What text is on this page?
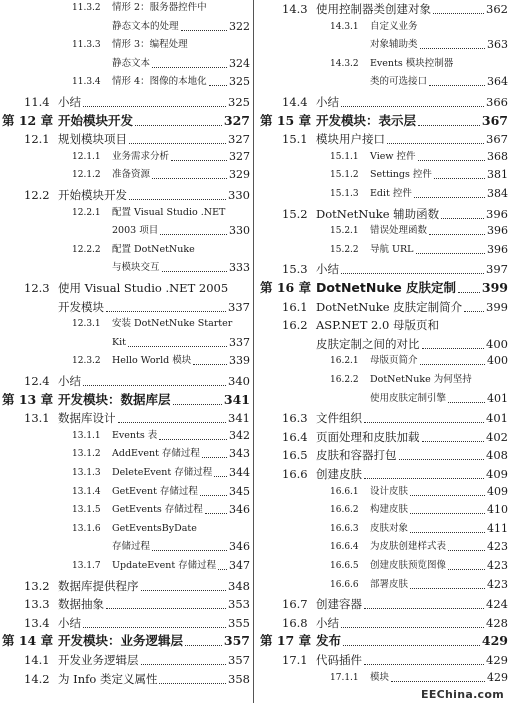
11.3.2 情形 2：服务器控件中
静态文本的处理	322
11.3.3 情形 3：编程处理
静态文本	324
11.3.4 情形 4：图像的本地化 325
11.4 小结	325
第 12 章 开始模块开发	327
12.1 规划模块项目	327
12.1.1 业务需求分析	327
12.1.2 准备资源	329
12.2 开始模块开发	330
12.2.1 配置 Visual Studio .NET
2003 项目	330
12.2.2 配置 DotNetNuke
与模块交互	333
12.3 使用 Visual Studio .NET 2005
开发模块	337
12.3.1 安装 DotNetNuke Starter
Kit	337
12.3.2 Hello World 模块	339
12.4 小结	340
第 13 章 开发模块：数据库层	341
13.1 数据库设计	341
13.1.1 Events 表	342
13.1.2 AddEvent 存储过程	343
13.1.3 DeleteEvent 存储过程 344
13.1.4 GetEvent 存储过程	345
13.1.5 GetEvents 存储过程 346
13.1.6 GetEventsByDate
存储过程	346
13.1.7 UpdateEvent 存储过程 347
13.2 数据库提供程序	348
13.3 数据抽象	353
13.4 小结	355
第 14 章 开发模块：业务逻辑层	357
14.1 开发业务逻辑层	357
14.2 为 Info 类定义属性	358
14.3 使用控制器类创建对象	362
14.3.1 自定义业务
对象辅助类	363
14.3.2 Events 模块控制器
类的可选接口	364
14.4 小结	366
第 15 章 开发模块：表示层	367
15.1 模块用户接口	367
15.1.1 View 控件	368
15.1.2 Settings 控件	381
15.1.3 Edit 控件	384
15.2 DotNetNuke 辅助函数	396
15.2.1 错误处理函数	396
15.2.2 导航 URL	396
15.3 小结	397
第 16 章 DotNetNuke 皮肤定制 399
16.1 DotNetNuke 皮肤定制简介 399
16.2 ASP.NET 2.0 母版页和
皮肤定制之间的对比	400
16.2.1 母版页简介	400
16.2.2 DotNetNuke 为何坚持
使用皮肤定制引擎	401
16.3 文件组织	401
16.4 页面处理和皮肤加载	402
16.5 皮肤和容器打包	408
16.6 创建皮肤	409
16.6.1 设计皮肤	409
16.6.2 构建皮肤	410
16.6.3 皮肤对象	411
16.6.4 为皮肤创建样式表	423
16.6.5 创建皮肤预览图像	423
16.6.6 部署皮肤	423
16.7 创建容器	424
16.8 小结	428
第 17 章 发布	429
17.1 代码插件	429
17.1.1 模块	429
EEChina.com
